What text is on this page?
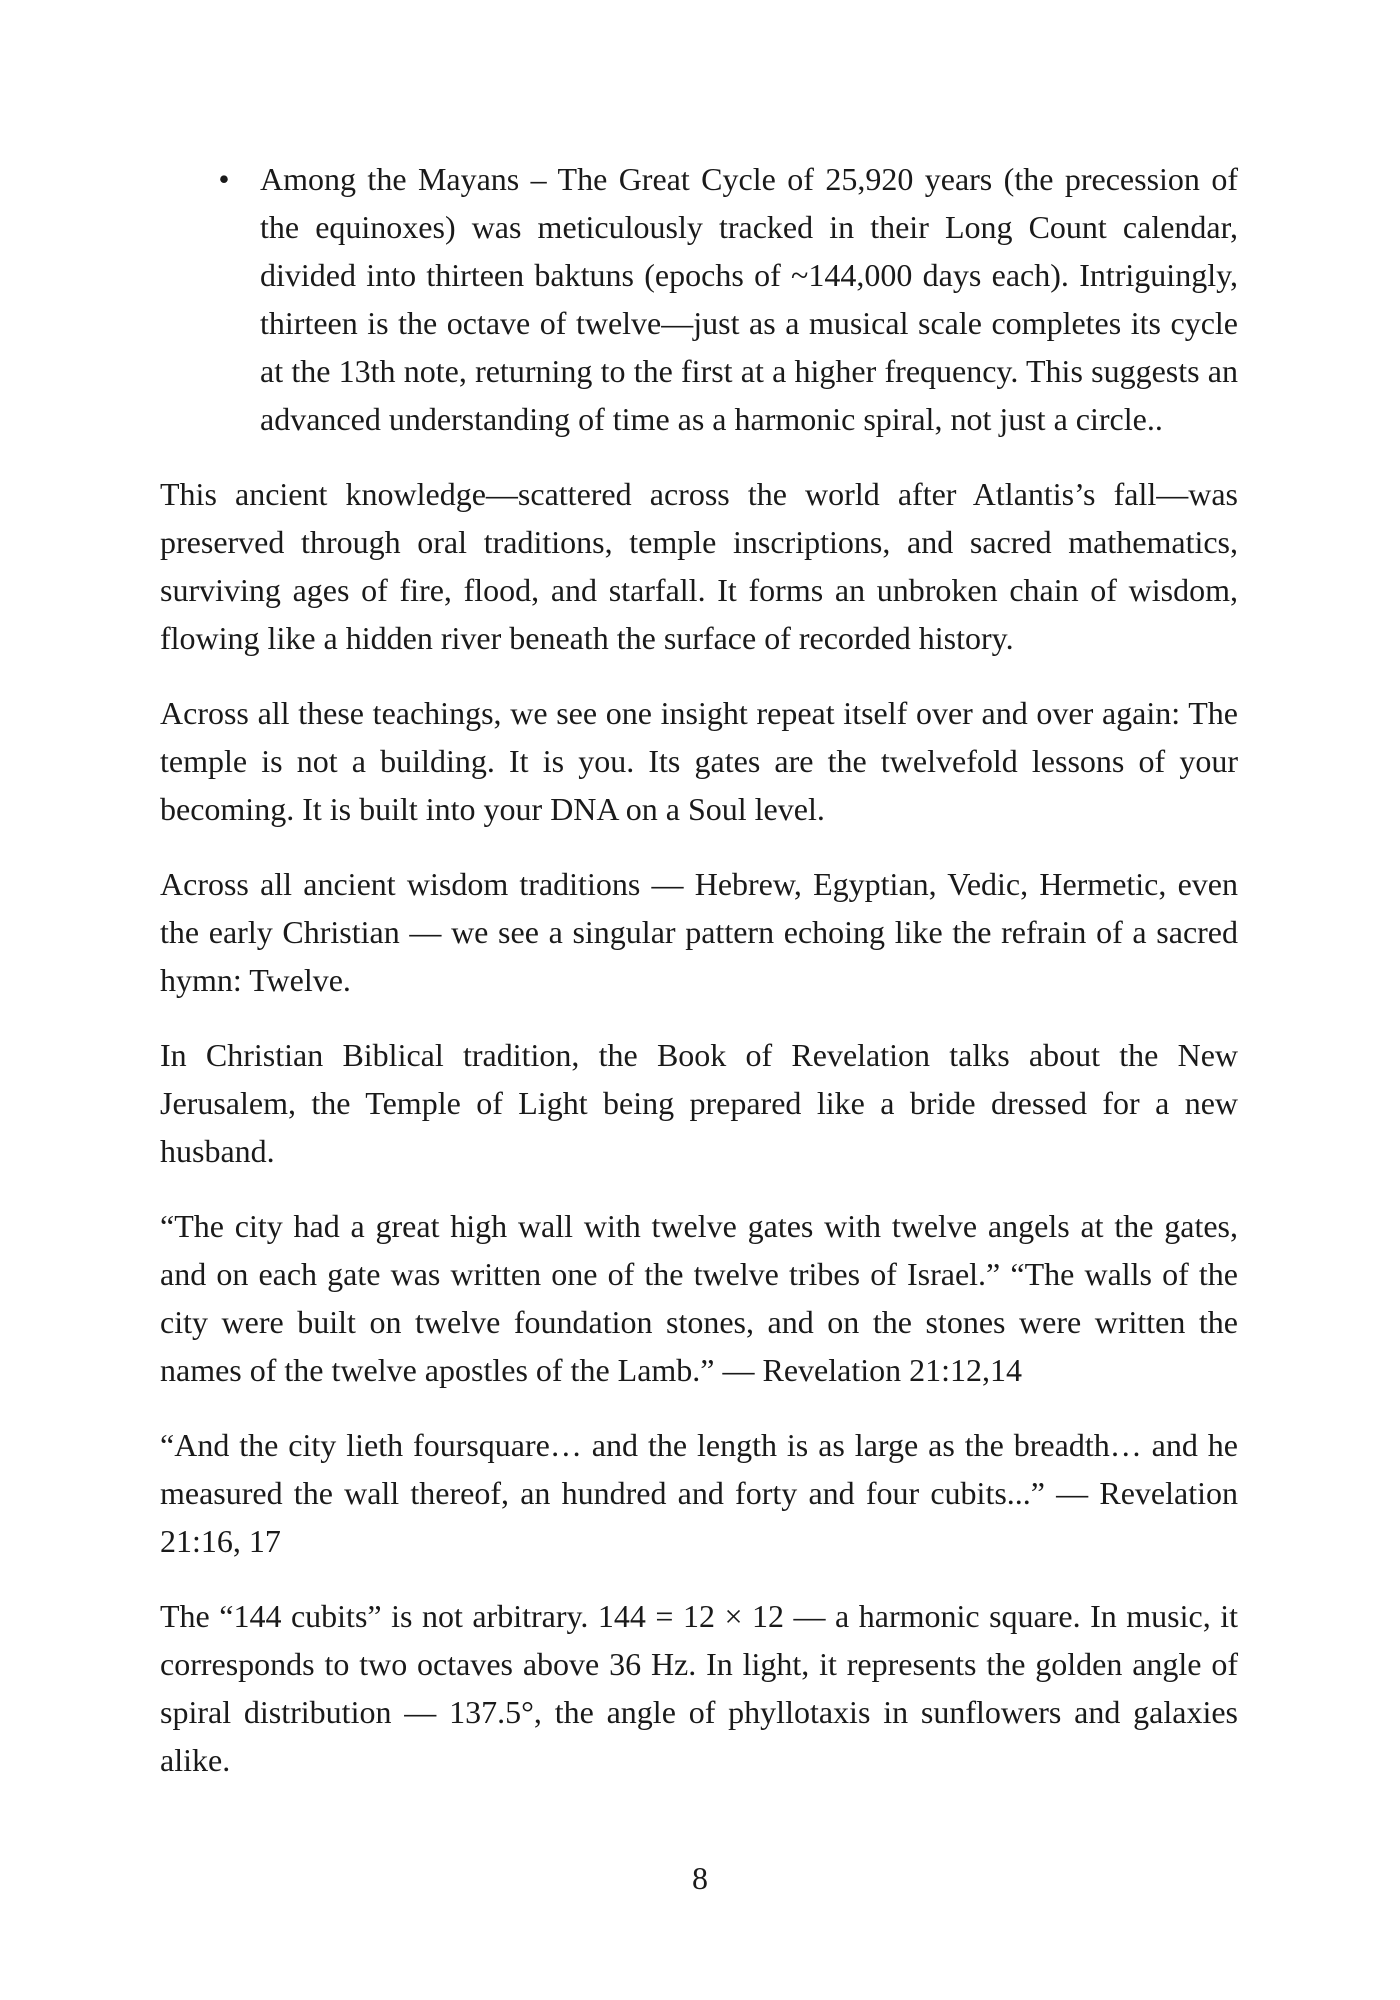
• Among the Mayans – The Great Cycle of 25,920 years (the precession of the equinoxes) was meticulously tracked in their Long Count calendar, divided into thirteen baktuns (epochs of ~144,000 days each). Intriguingly, thirteen is the octave of twelve—just as a musical scale completes its cycle at the 13th note, returning to the first at a higher frequency. This suggests an advanced understanding of time as a harmonic spiral, not just a circle..

This ancient knowledge—scattered across the world after Atlantis’s fall—was preserved through oral traditions, temple inscriptions, and sacred mathematics, surviving ages of fire, flood, and starfall. It forms an unbroken chain of wisdom, flowing like a hidden river beneath the surface of recorded history.

Across all these teachings, we see one insight repeat itself over and over again: The temple is not a building. It is you. Its gates are the twelvefold lessons of your becoming. It is built into your DNA on a Soul level.

Across all ancient wisdom traditions — Hebrew, Egyptian, Vedic, Hermetic, even the early Christian — we see a singular pattern echoing like the refrain of a sacred hymn: Twelve.

In Christian Biblical tradition, the Book of Revelation talks about the New Jerusalem, the Temple of Light being prepared like a bride dressed for a new husband.

“The city had a great high wall with twelve gates with twelve angels at the gates, and on each gate was written one of the twelve tribes of Israel.” “The walls of the city were built on twelve foundation stones, and on the stones were written the names of the twelve apostles of the Lamb.” — Revelation 21:12,14

“And the city lieth foursquare… and the length is as large as the breadth… and he measured the wall thereof, an hundred and forty and four cubits...” — Revelation 21:16, 17

The “144 cubits” is not arbitrary. 144 = 12 × 12 — a harmonic square. In music, it corresponds to two octaves above 36 Hz. In light, it represents the golden angle of spiral distribution — 137.5°, the angle of phyllotaxis in sunflowers and galaxies alike.

8
